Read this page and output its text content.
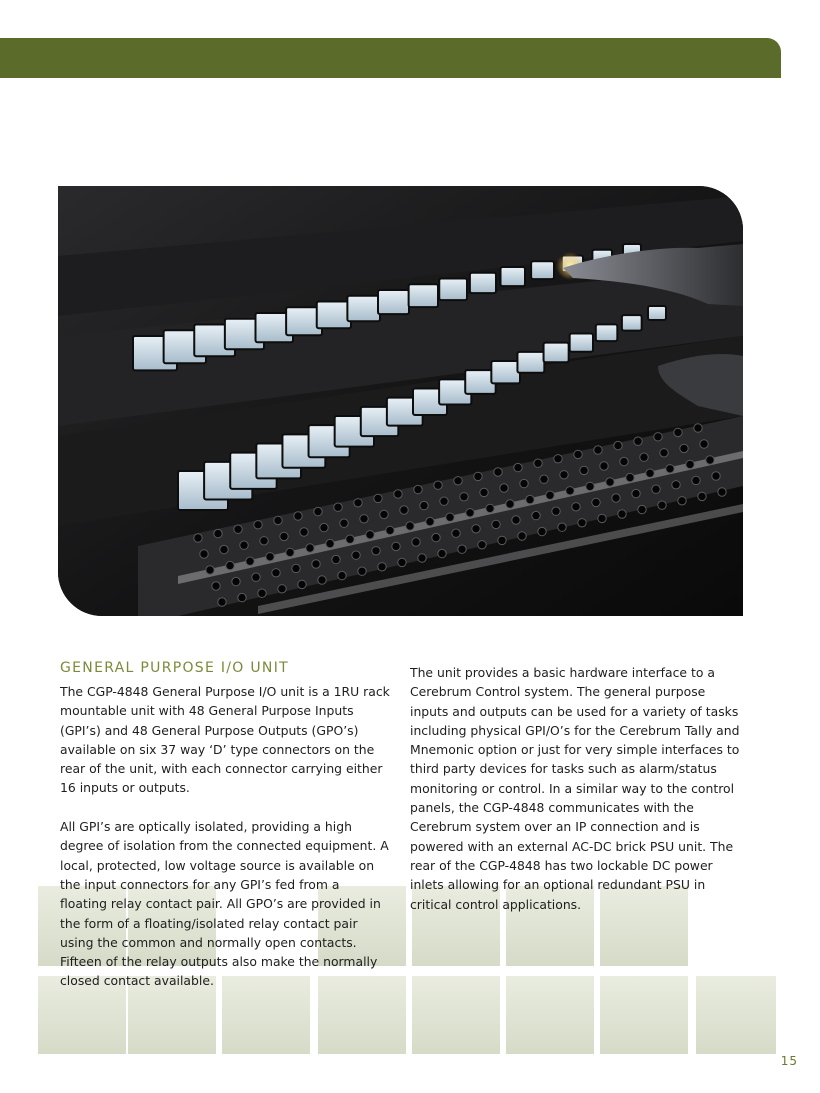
GENERAL PURPOSE I/O UNIT

The CGP-4848 General Purpose I/O unit is a 1RU rack mountable unit with 48 General Purpose Inputs (GPI’s) and 48 General Purpose Outputs (GPO’s) available on six 37 way ‘D’ type connectors on the rear of the unit, with each connector carrying either 16 inputs or outputs.

All GPI’s are optically isolated, providing a high degree of isolation from the connected equipment. A local, protected, low voltage source is available on the input connectors for any GPI’s fed from a floating relay contact pair. All GPO’s are provided in the form of a floating/isolated relay contact pair using the common and normally open contacts. Fifteen of the relay outputs also make the normally closed contact available.

The unit provides a basic hardware interface to a Cerebrum Control system. The general purpose inputs and outputs can be used for a variety of tasks including physical GPI/O’s for the Cerebrum Tally and Mnemonic option or just for very simple interfaces to third party devices for tasks such as alarm/status monitoring or control. In a similar way to the control panels, the CGP-4848 communicates with the Cerebrum system over an IP connection and is powered with an external AC-DC brick PSU unit. The rear of the CGP-4848 has two lockable DC power inlets allowing for an optional redundant PSU in critical control applications.

15
